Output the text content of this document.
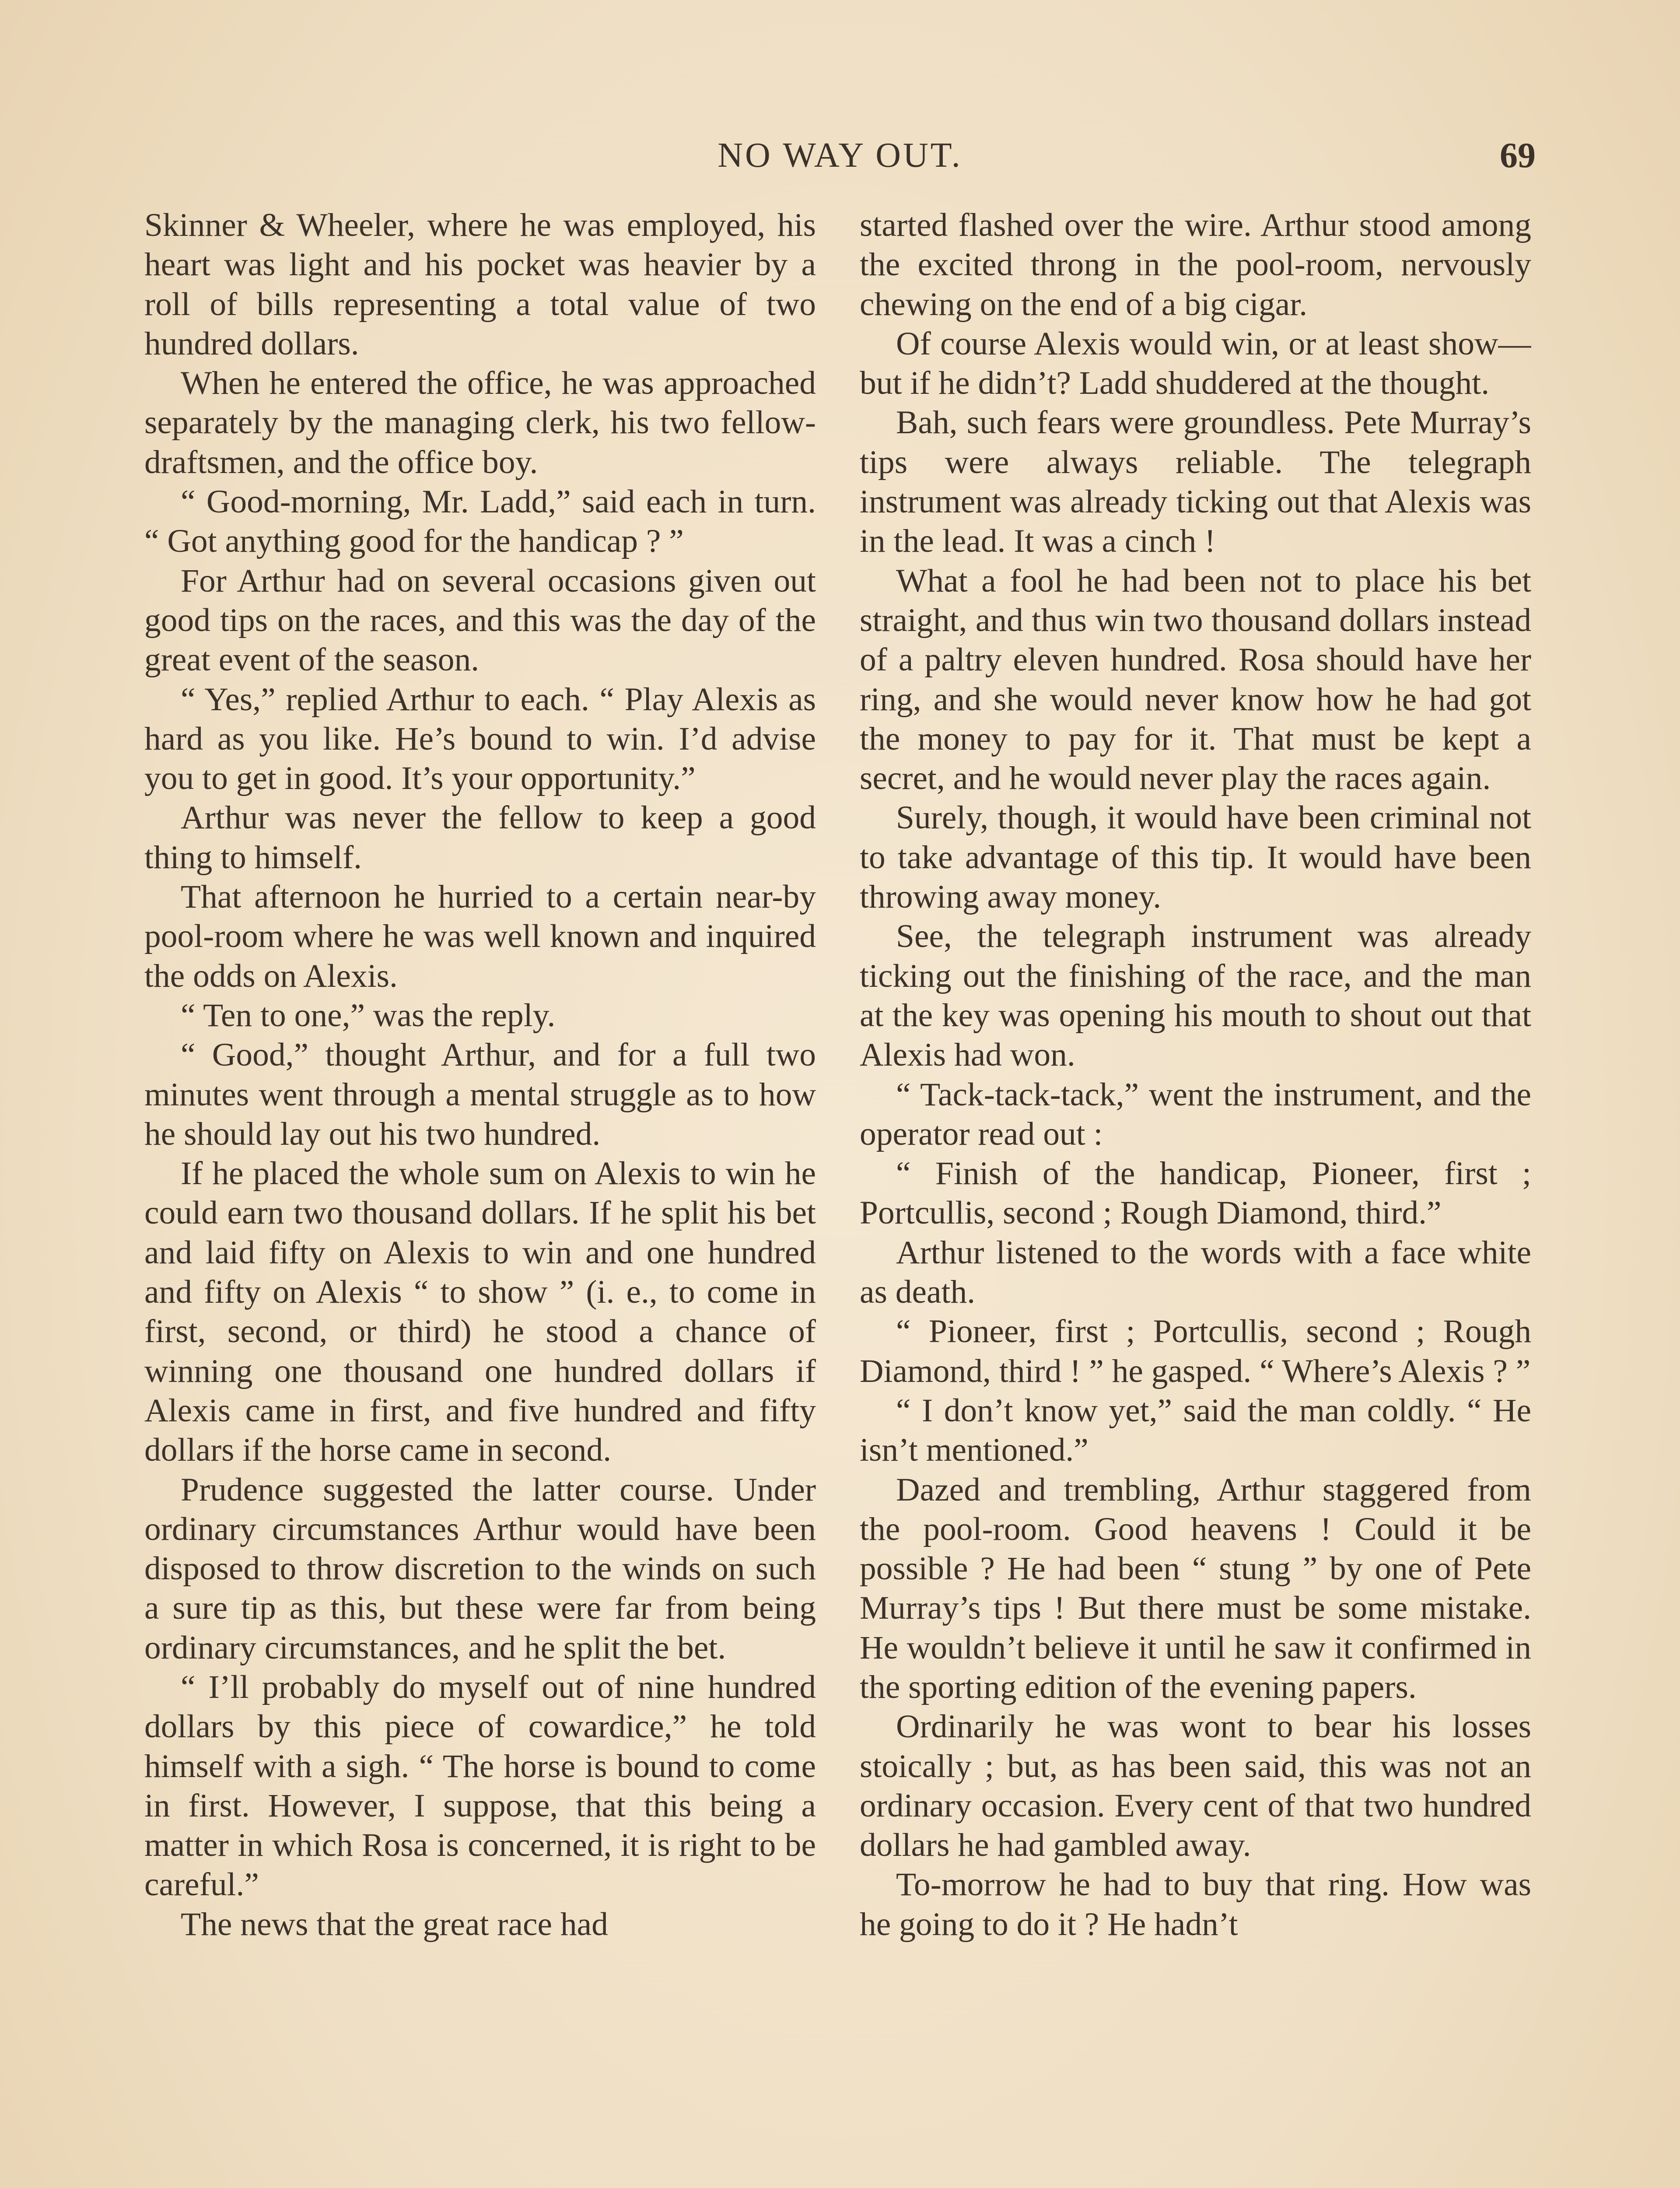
NO WAY OUT.	69

Skinner & Wheeler, where he was employed, his heart was light and his pocket was heavier by a roll of bills representing a total value of two hundred dollars.

When he entered the office, he was approached separately by the managing clerk, his two fellow-draftsmen, and the office boy.

“ Good-morning, Mr. Ladd,” said each in turn. “ Got anything good for the handicap ? ”

For Arthur had on several occasions given out good tips on the races, and this was the day of the great event of the season.

“ Yes,” replied Arthur to each. “ Play Alexis as hard as you like. He’s bound to win. I’d advise you to get in good. It’s your opportunity.”

Arthur was never the fellow to keep a good thing to himself.

That afternoon he hurried to a certain near-by pool-room where he was well known and inquired the odds on Alexis.

“ Ten to one,” was the reply.

“ Good,” thought Arthur, and for a full two minutes went through a mental struggle as to how he should lay out his two hundred.

If he placed the whole sum on Alexis to win he could earn two thousand dollars. If he split his bet and laid fifty on Alexis to win and one hundred and fifty on Alexis “ to show ” (i. e., to come in first, second, or third) he stood a chance of winning one thousand one hundred dollars if Alexis came in first, and five hundred and fifty dollars if the horse came in second.

Prudence suggested the latter course. Under ordinary circumstances Arthur would have been disposed to throw discretion to the winds on such a sure tip as this, but these were far from being ordinary circumstances, and he split the bet.

“ I’ll probably do myself out of nine hundred dollars by this piece of cowardice,” he told himself with a sigh. “ The horse is bound to come in first. However, I suppose, that this being a matter in which Rosa is concerned, it is right to be careful.”

The news that the great race had

started flashed over the wire. Arthur stood among the excited throng in the pool-room, nervously chewing on the end of a big cigar.

Of course Alexis would win, or at least show—but if he didn’t? Ladd shuddered at the thought.

Bah, such fears were groundless. Pete Murray’s tips were always reliable. The telegraph instrument was already ticking out that Alexis was in the lead. It was a cinch !

What a fool he had been not to place his bet straight, and thus win two thousand dollars instead of a paltry eleven hundred. Rosa should have her ring, and she would never know how he had got the money to pay for it. That must be kept a secret, and he would never play the races again.

Surely, though, it would have been criminal not to take advantage of this tip. It would have been throwing away money.

See, the telegraph instrument was already ticking out the finishing of the race, and the man at the key was opening his mouth to shout out that Alexis had won.

“ Tack-tack-tack,” went the instrument, and the operator read out :

“ Finish of the handicap, Pioneer, first ; Portcullis, second ; Rough Diamond, third.”

Arthur listened to the words with a face white as death.

“ Pioneer, first ; Portcullis, second ; Rough Diamond, third ! ” he gasped. “ Where’s Alexis ? ”

“ I don’t know yet,” said the man coldly. “ He isn’t mentioned.”

Dazed and trembling, Arthur staggered from the pool-room. Good heavens ! Could it be possible ? He had been “ stung ” by one of Pete Murray’s tips ! But there must be some mistake. He wouldn’t believe it until he saw it confirmed in the sporting edition of the evening papers.

Ordinarily he was wont to bear his losses stoically ; but, as has been said, this was not an ordinary occasion. Every cent of that two hundred dollars he had gambled away.

To-morrow he had to buy that ring. How was he going to do it ? He hadn’t
